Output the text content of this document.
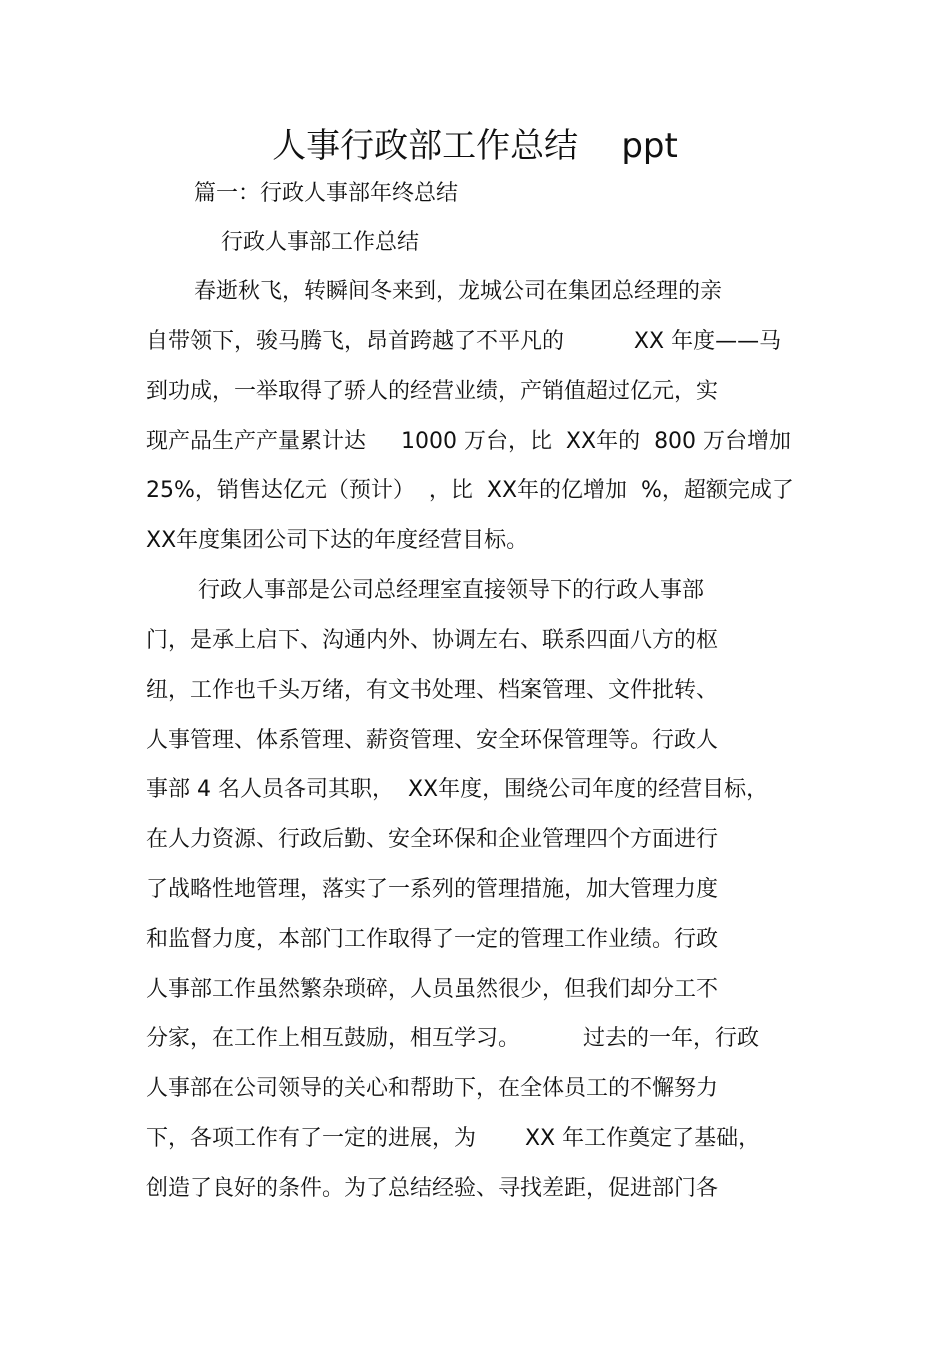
人事行政部工作总结    ppt
篇一：行政人事部年终总结
行政人事部工作总结
春逝秋飞，转瞬间冬来到，龙城公司在集团总经理的亲
自带领下，骏马腾飞，昂首跨越了不平凡的          XX 年度——马
到功成，一举取得了骄人的经营业绩，产销值超过亿元，实
现产品生产产量累计达     1000 万台，比  XX年的  800 万台增加
25%，销售达亿元（预计）  ，比  XX年的亿增加  %，超额完成了
XX年度集团公司下达的年度经营目标。
行政人事部是公司总经理室直接领导下的行政人事部
门，是承上启下、沟通内外、协调左右、联系四面八方的枢
纽，工作也千头万绪，有文书处理、档案管理、文件批转、
人事管理、体系管理、薪资管理、安全环保管理等。行政人
事部 4 名人员各司其职，  XX年度，围绕公司年度的经营目标，
在人力资源、行政后勤、安全环保和企业管理四个方面进行
了战略性地管理，落实了一系列的管理措施，加大管理力度
和监督力度，本部门工作取得了一定的管理工作业绩。行政
人事部工作虽然繁杂琐碎，人员虽然很少，但我们却分工不
分家，在工作上相互鼓励，相互学习。         过去的一年，行政
人事部在公司领导的关心和帮助下，在全体员工的不懈努力
下，各项工作有了一定的进展，为       XX 年工作奠定了基础，
创造了良好的条件。为了总结经验、寻找差距，促进部门各
